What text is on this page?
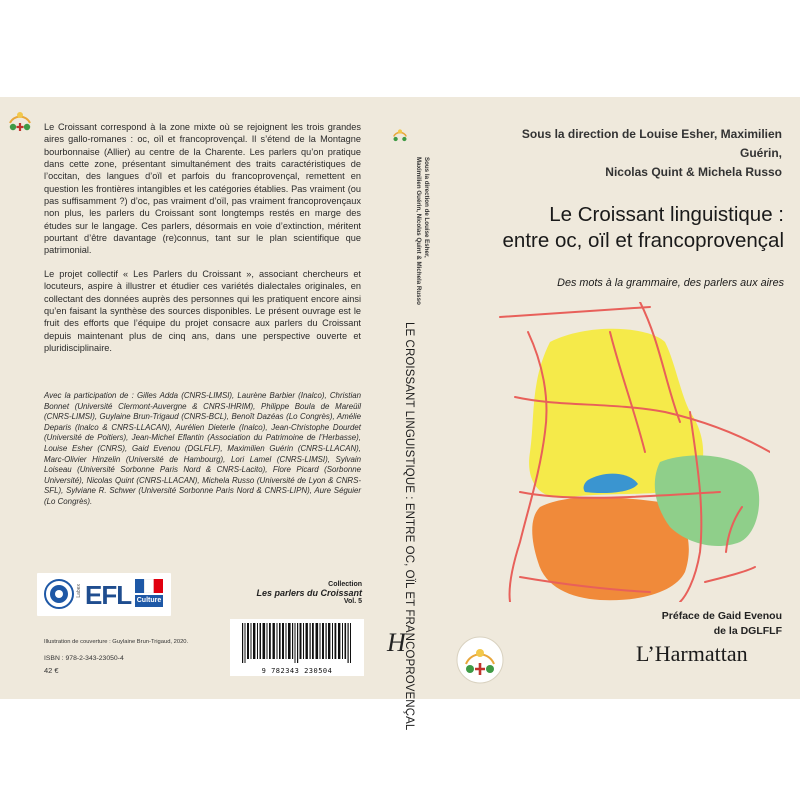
Le Croissant correspond à la zone mixte où se rejoignent les trois grandes aires gallo-romanes : oc, oïl et francoprovençal. Il s’étend de la Montagne bourbonnaise (Allier) au centre de la Charente. Les parlers qu’on pratique dans cette zone, présentant simultanément des traits caractéristiques de l’occitan, des langues d’oïl et parfois du francoprovençal, remettent en question les frontières intangibles et les catégories établies. Pas vraiment (ou pas suffisamment ?) d’oc, pas vraiment d’oïl, pas vraiment francoprovençaux non plus, les parlers du Croissant sont longtemps restés en marge des études sur le langage. Ces parlers, désormais en voie d’extinction, méritent pourtant d’être davantage (re)connus, tant sur le plan scientifique que patrimonial.

Le projet collectif « Les Parlers du Croissant », associant chercheurs et locuteurs, aspire à illustrer et étudier ces variétés dialectales originales, en collectant des données auprès des personnes qui les pratiquent encore ainsi qu’en faisant la synthèse des sources disponibles. Le présent ouvrage est le fruit des efforts que l’équipe du projet consacre aux parlers du Croissant depuis maintenant plus de cinq ans, dans une perspective ouverte et pluridisciplinaire.

Avec la participation de : Gilles Adda (CNRS-LIMSI), Laurène Barbier (Inalco), Christian Bonnet (Université Clermont-Auvergne & CNRS-IHRIM), Philippe Boula de Mareüil (CNRS-LIMSI), Guylaine Brun-Trigaud (CNRS-BCL), Benoît Dazéas (Lo Congrès), Amélie Deparis (Inalco & CNRS-LLACAN), Aurélien Dieterle (Inalco), Jean-Christophe Dourdet (Université de Poitiers), Jean-Michel Eflantin (Association du Patrimoine de l’Herbasse), Louise Esher (CNRS), Gaid Evenou (DGLFLF), Maximilien Guérin (CNRS-LLACAN), Marc-Olivier Hinzelin (Université de Hambourg), Lori Lamel (CNRS-LIMSI), Sylvain Loiseau (Université Sorbonne Paris Nord & CNRS-Lacito), Flore Picard (Sorbonne Université), Nicolas Quint (CNRS-LLACAN), Michela Russo (Université de Lyon & CNRS-SFL), Sylviane R. Schwer (Université Sorbonne Paris Nord & CNRS-LIPN), Aure Séguier (Lo Congrès).

Labex EFL Culture
Collection
Les parlers du Croissant
Vol. 5
9 782343 230504

Illustration de couverture : Guylaine Brun-Trigaud, 2020.

ISBN : 978-2-343-23050-4

42 €

Sous la direction de Louise Esher,
Maximilien Guérin, Nicolas Quint & Michela Russo
LE CROISSANT LINGUISTIQUE : ENTRE OC, OÏL ET FRANCOPROVENÇAL
H

Sous la direction de Louise Esher, Maximilien Guérin,
Nicolas Quint & Michela Russo

Le Croissant linguistique :
entre oc, oïl et francoprovençal

Des mots à la grammaire, des parlers aux aires

Préface de Gaid Evenou
de la DGLFLF

L’Harmattan
